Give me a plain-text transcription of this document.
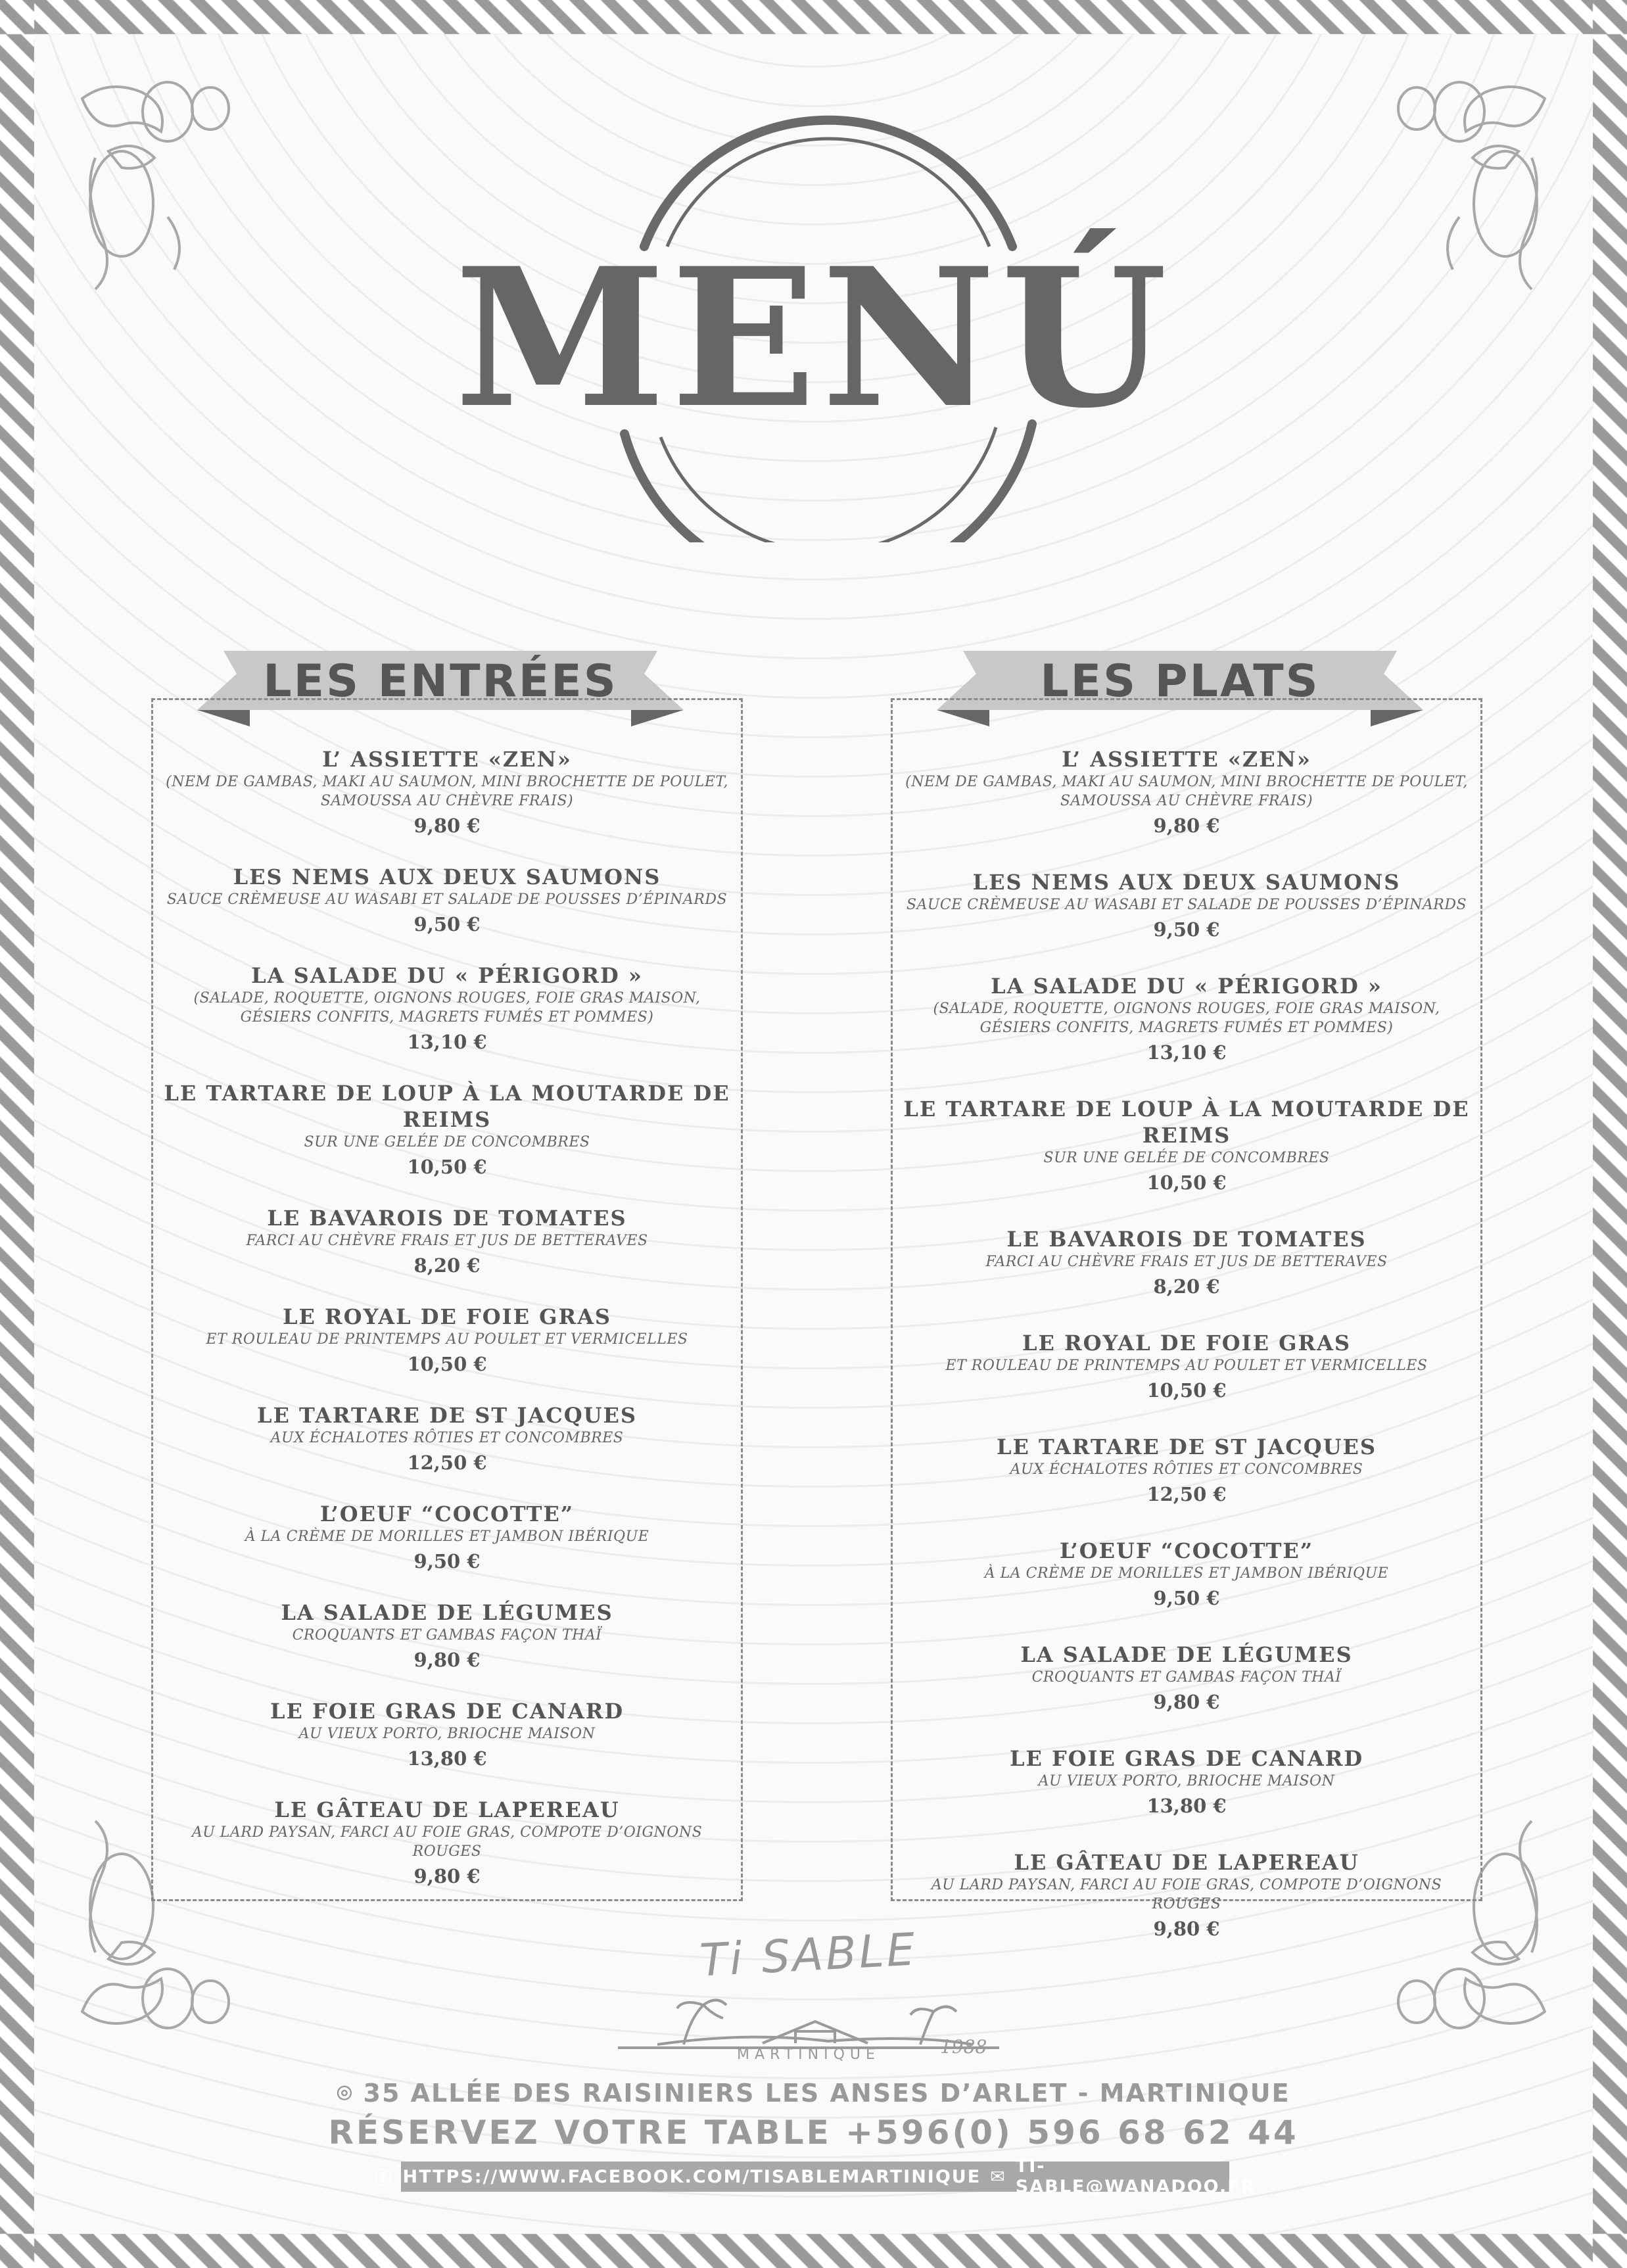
MENÚ
LES ENTRÉES	LES PLATS
L’ ASSIETTE «ZEN»
(NEM DE GAMBAS, MAKI AU SAUMON, MINI BROCHETTE DE POULET, SAMOUSSA AU CHÈVRE FRAIS)
9,80 €
LES NEMS AUX DEUX SAUMONS
SAUCE CRÈMEUSE AU WASABI ET SALADE DE POUSSES D’ÉPINARDS
9,50 €
LA SALADE DU « PÉRIGORD »
(SALADE, ROQUETTE, OIGNONS ROUGES, FOIE GRAS MAISON, GÉSIERS CONFITS, MAGRETS FUMÉS ET POMMES)
13,10 €
LE TARTARE DE LOUP À LA MOUTARDE DE REIMS
SUR UNE GELÉE DE CONCOMBRES
10,50 €
LE BAVAROIS DE TOMATES
FARCI AU CHÈVRE FRAIS ET JUS DE BETTERAVES
8,20 €
LE ROYAL DE FOIE GRAS
ET ROULEAU DE PRINTEMPS AU POULET ET VERMICELLES
10,50 €
LE TARTARE DE ST JACQUES
AUX ÉCHALOTES RÔTIES ET CONCOMBRES
12,50 €
L’OEUF “COCOTTE”
À LA CRÈME DE MORILLES ET JAMBON IBÉRIQUE
9,50 €
LA SALADE DE LÉGUMES
CROQUANTS ET GAMBAS FAÇON THAÏ
9,80 €
LE FOIE GRAS DE CANARD
AU VIEUX PORTO, BRIOCHE MAISON
13,80 €
LE GÂTEAU DE LAPEREAU
AU LARD PAYSAN, FARCI AU FOIE GRAS, COMPOTE D’OIGNONS ROUGES
9,80 €
L’ ASSIETTE «ZEN»
(NEM DE GAMBAS, MAKI AU SAUMON, MINI BROCHETTE DE POULET, SAMOUSSA AU CHÈVRE FRAIS)
9,80 €
LES NEMS AUX DEUX SAUMONS
SAUCE CRÈMEUSE AU WASABI ET SALADE DE POUSSES D’ÉPINARDS
9,50 €
LA SALADE DU « PÉRIGORD »
(SALADE, ROQUETTE, OIGNONS ROUGES, FOIE GRAS MAISON, GÉSIERS CONFITS, MAGRETS FUMÉS ET POMMES)
13,10 €
LE TARTARE DE LOUP À LA MOUTARDE DE REIMS
SUR UNE GELÉE DE CONCOMBRES
10,50 €
LE BAVAROIS DE TOMATES
FARCI AU CHÈVRE FRAIS ET JUS DE BETTERAVES
8,20 €
LE ROYAL DE FOIE GRAS
ET ROULEAU DE PRINTEMPS AU POULET ET VERMICELLES
10,50 €
LE TARTARE DE ST JACQUES
AUX ÉCHALOTES RÔTIES ET CONCOMBRES
12,50 €
L’OEUF “COCOTTE”
À LA CRÈME DE MORILLES ET JAMBON IBÉRIQUE
9,50 €
LA SALADE DE LÉGUMES
CROQUANTS ET GAMBAS FAÇON THAÏ
9,80 €
LE FOIE GRAS DE CANARD
AU VIEUX PORTO, BRIOCHE MAISON
13,80 €
LE GÂTEAU DE LAPEREAU
AU LARD PAYSAN, FARCI AU FOIE GRAS, COMPOTE D’OIGNONS ROUGES
9,80 €
Ti SABLE
MARTINIQUE	1988
⌾ 35 ALLÉE DES RAISINIERS LES ANSES D’ARLET - MARTINIQUE
RÉSERVEZ VOTRE TABLE +596(0) 596 68 62 44
ⓕ HTTPS://WWW.FACEBOOK.COM/TISABLEMARTINIQUE ✉ TI-SABLE@WANADOO.FR
